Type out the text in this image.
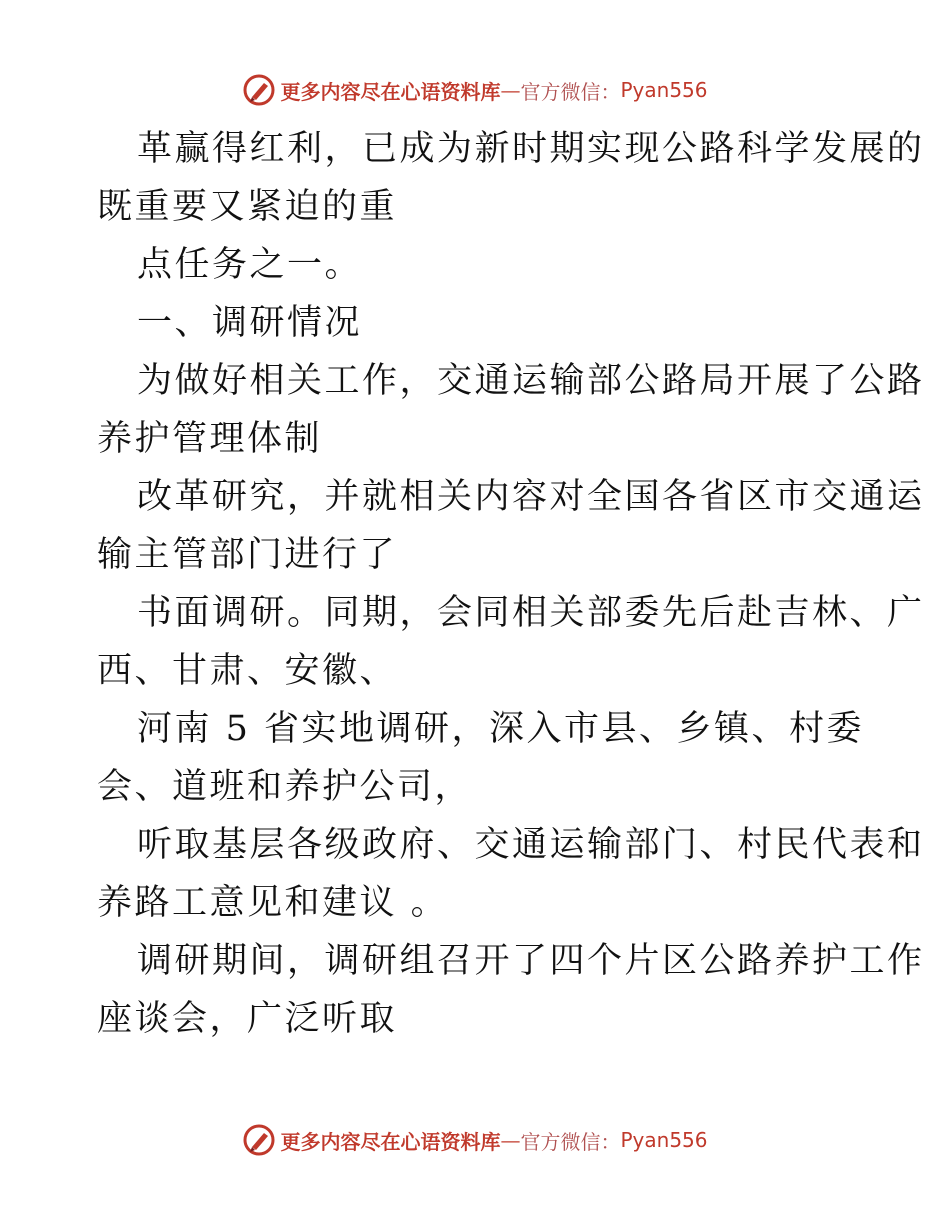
更多内容尽在心语资料库 — 官方微信： Pyan556
革赢得红利，已成为新时期实现公路科学发展的
既重要又紧迫的重
点任务之一。
一、调研情况
为做好相关工作，交通运输部公路局开展了公路
养护管理体制
改革研究，并就相关内容对全国各省区市交通运
输主管部门进行了
书面调研。同期，会同相关部委先后赴吉林、广
西、甘肃、安徽、
河南 5 省实地调研，深入市县、乡镇、村委
会、道班和养护公司，
听取基层各级政府、交通运输部门、村民代表和
养路工意见和建议 。
调研期间，调研组召开了四个片区公路养护工作
座谈会，广泛听取
更多内容尽在心语资料库 — 官方微信： Pyan556
